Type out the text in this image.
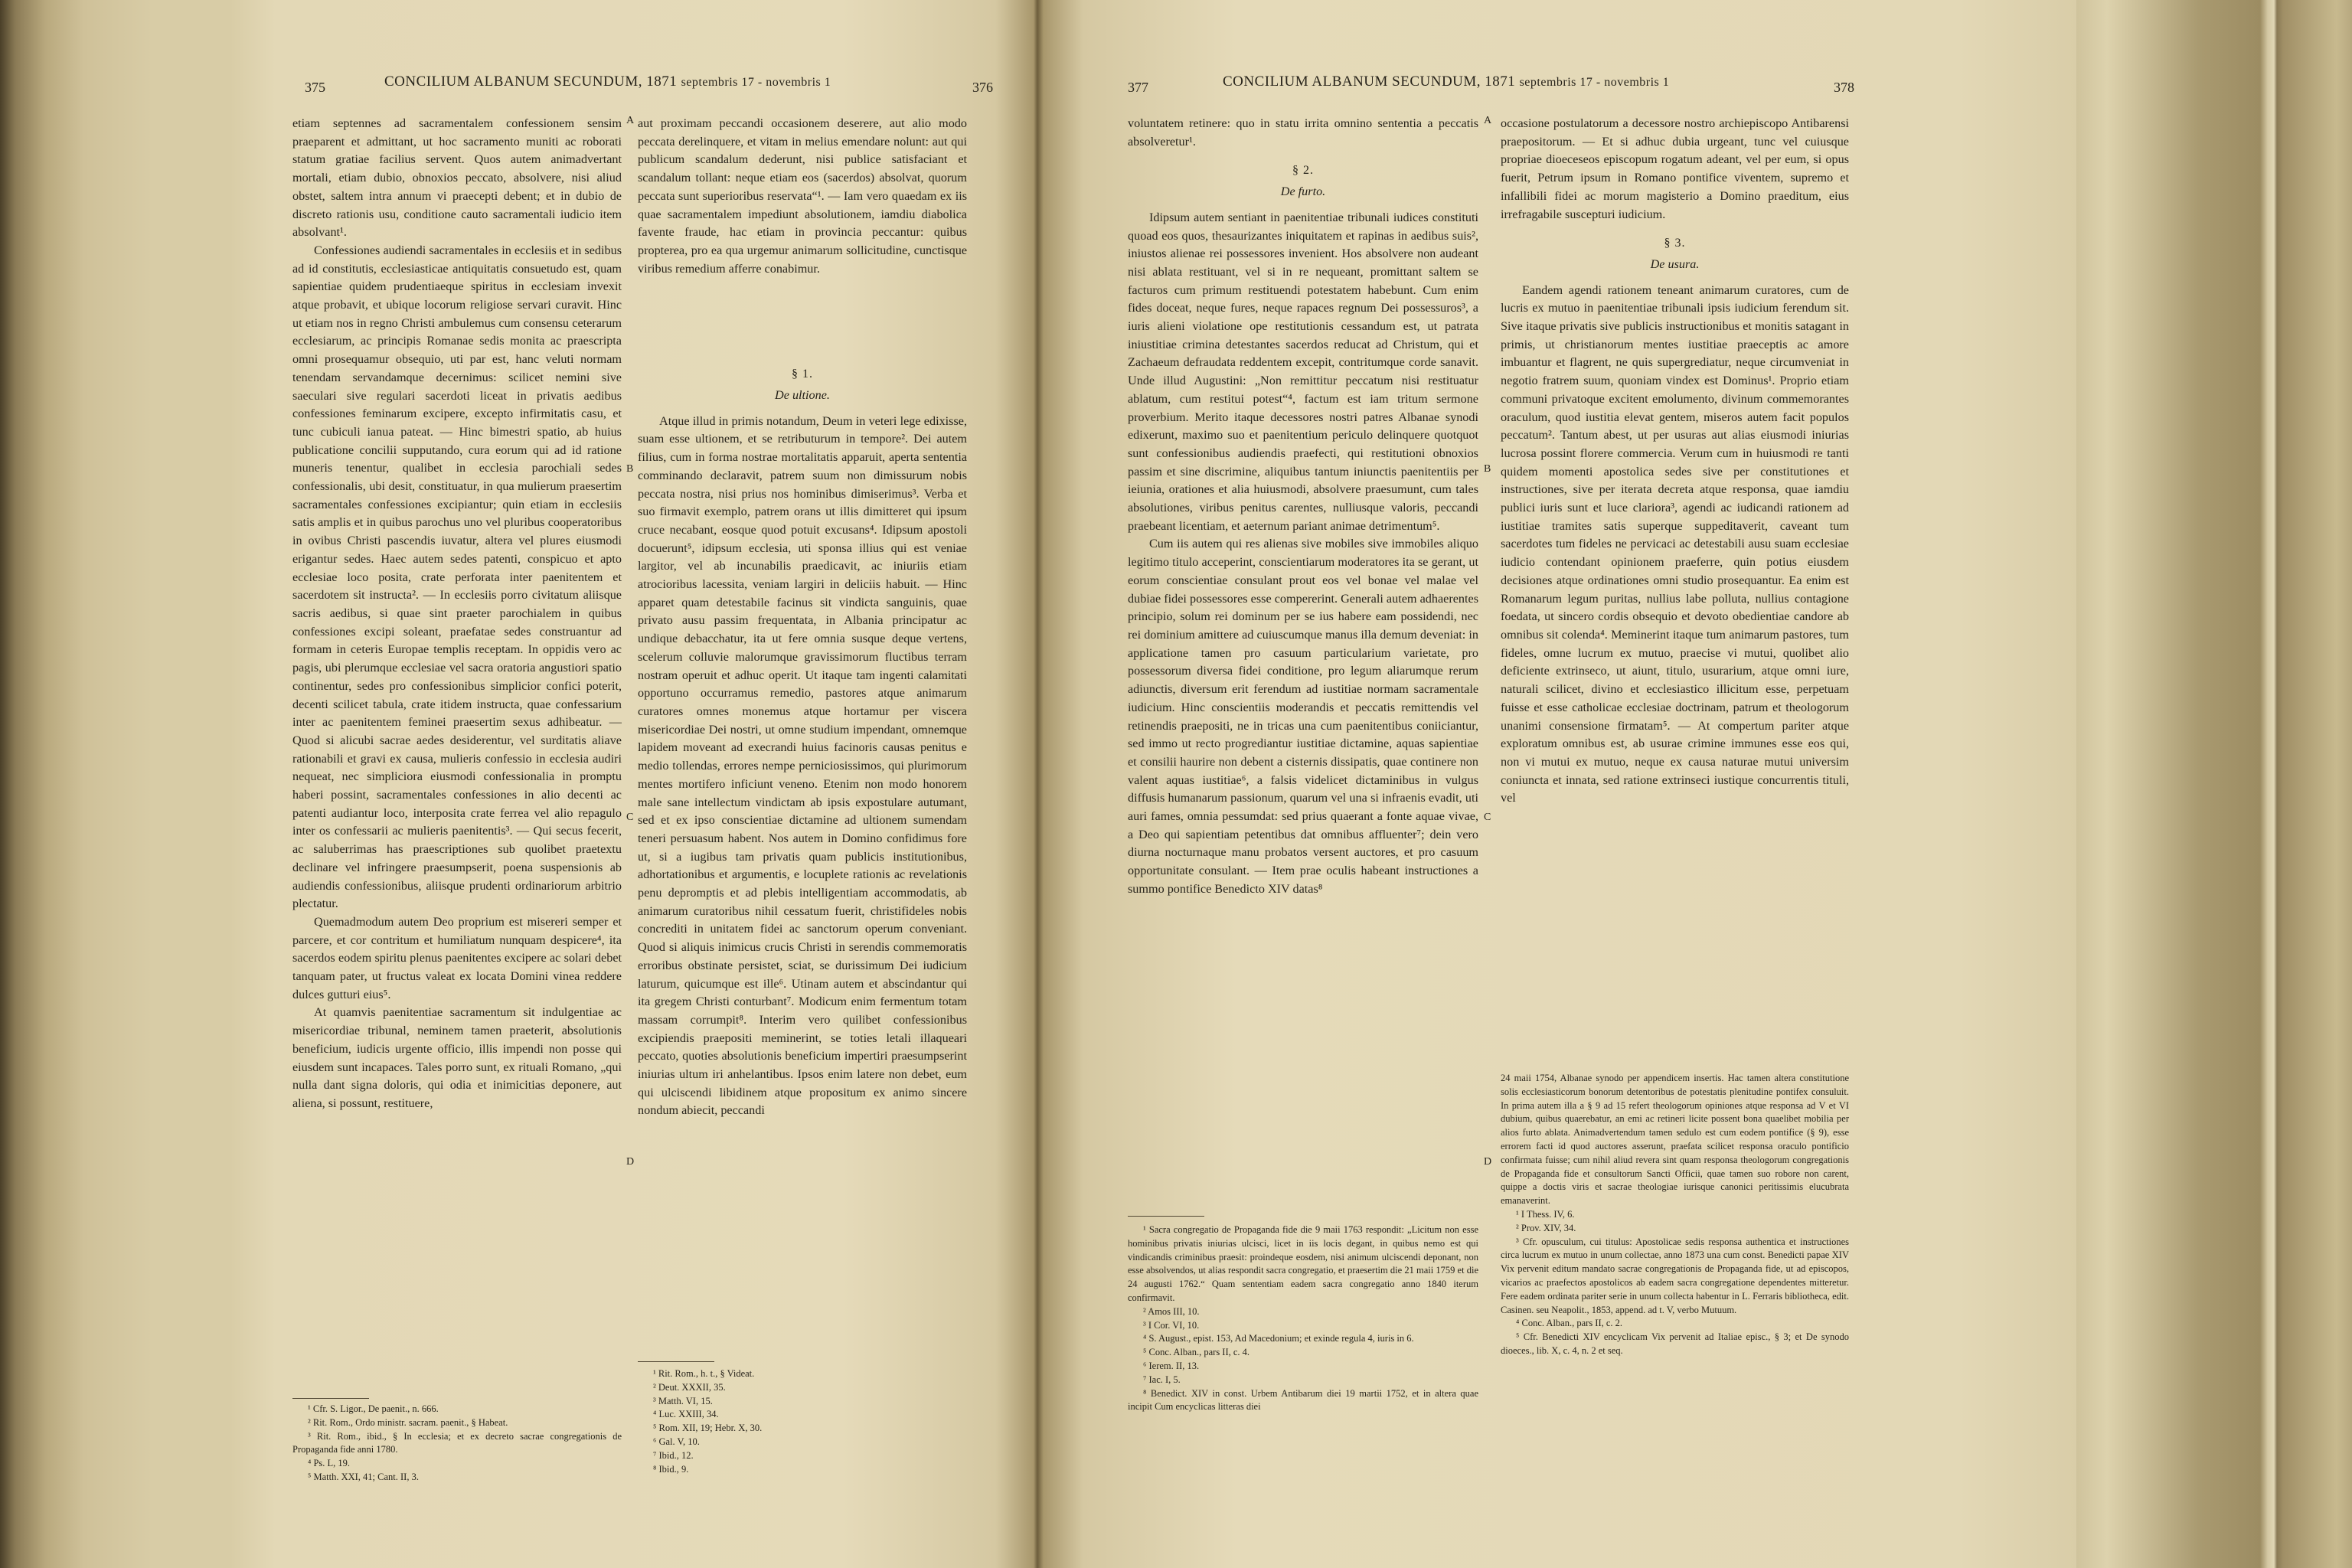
375	CONCILIUM ALBANUM SECUNDUM, 1871 septembris 17 - novembris 1	376

etiam septennes ad sacramentalem confessionem sensim praeparent et admittant, ut hoc sacramento muniti ac roborati statum gratiae facilius servent. Quos autem animadvertant mortali, etiam dubio, obnoxios peccato, absolvere, nisi aliud obstet, saltem intra annum vi praecepti debent; et in dubio de discreto rationis usu, conditione cauto sacramentali iudicio item absolvant¹.

Confessiones audiendi sacramentales in ecclesiis et in sedibus ad id constitutis, ecclesiasticae antiquitatis consuetudo est, quam sapientiae quidem prudentiaeque spiritus in ecclesiam invexit atque probavit, et ubique locorum religiose servari curavit. Hinc ut etiam nos in regno Christi ambulemus cum consensu ceterarum ecclesiarum, ac principis Romanae sedis monita ac praescripta omni prosequamur obsequio, uti par est, hanc veluti normam tenendam servandamque decernimus: scilicet nemini sive saeculari sive regulari sacerdoti liceat in privatis aedibus confessiones feminarum excipere, excepto infirmitatis casu, et tunc cubiculi ianua pateat. — Hinc bimestri spatio, ab huius publicatione concilii supputando, cura eorum qui ad id ratione muneris tenentur, qualibet in ecclesia parochiali sedes confessionalis, ubi desit, constituatur, in qua mulierum praesertim sacramentales confessiones excipiantur; quin etiam in ecclesiis satis amplis et in quibus parochus uno vel pluribus cooperatoribus in ovibus Christi pascendis iuvatur, altera vel plures eiusmodi erigantur sedes. Haec autem sedes patenti, conspicuo et apto ecclesiae loco posita, crate perforata inter paenitentem et sacerdotem sit instructa². — In ecclesiis porro civitatum aliisque sacris aedibus, si quae sint praeter parochialem in quibus confessiones excipi soleant, praefatae sedes construantur ad formam in ceteris Europae templis receptam. In oppidis vero ac pagis, ubi plerumque ecclesiae vel sacra oratoria angustiori spatio continentur, sedes pro confessionibus simplicior confici poterit, decenti scilicet tabula, crate itidem instructa, quae confessarium inter ac paenitentem feminei praesertim sexus adhibeatur. — Quod si alicubi sacrae aedes desiderentur, vel surditatis aliave rationabili et gravi ex causa, mulieris confessio in ecclesia audiri nequeat, nec simpliciora eiusmodi confessionalia in promptu haberi possint, sacramentales confessiones in alio decenti ac patenti audiantur loco, interposita crate ferrea vel alio repagulo inter os confessarii ac mulieris paenitentis³. — Qui secus fecerit, ac saluberrimas has praescriptiones sub quolibet praetextu declinare vel infringere praesumpserit, poena suspensionis ab audiendis confessionibus, aliisque prudenti ordinariorum arbitrio plectatur.

Quemadmodum autem Deo proprium est misereri semper et parcere, et cor contritum et humiliatum nunquam despicere⁴, ita sacerdos eodem spiritu plenus paenitentes excipere ac solari debet tanquam pater, ut fructus valeat ex locata Domini vinea reddere dulces gutturi eius⁵.

At quamvis paenitentiae sacramentum sit indulgentiae ac misericordiae tribunal, neminem tamen praeterit, absolutionis beneficium, iudicis urgente officio, illis impendi non posse qui eiusdem sunt incapaces. Tales porro sunt, ex rituali Romano, „qui nulla dant signa doloris, qui odia et inimicitias deponere, aut aliena, si possunt, restituere,

A
B
C
D

aut proximam peccandi occasionem deserere, aut alio modo peccata derelinquere, et vitam in melius emendare nolunt: aut qui publicum scandalum dederunt, nisi publice satisfaciant et scandalum tollant: neque etiam eos (sacerdos) absolvat, quorum peccata sunt superioribus reservata“¹. — Iam vero quaedam ex iis quae sacramentalem impediunt absolutionem, iamdiu diabolica favente fraude, hac etiam in provincia peccantur: quibus propterea, pro ea qua urgemur animarum sollicitudine, cunctisque viribus remedium afferre conabimur.

§ 1.

De ultione.

Atque illud in primis notandum, Deum in veteri lege edixisse, suam esse ultionem, et se retributurum in tempore². Dei autem filius, cum in forma nostrae mortalitatis apparuit, aperta sententia comminando declaravit, patrem suum non dimissurum nobis peccata nostra, nisi prius nos hominibus dimiserimus³. Verba et suo firmavit exemplo, patrem orans ut illis dimitteret qui ipsum cruce necabant, eosque quod potuit excusans⁴. Idipsum apostoli docuerunt⁵, idipsum ecclesia, uti sponsa illius qui est veniae largitor, vel ab incunabilis praedicavit, ac iniuriis etiam atrocioribus lacessita, veniam largiri in deliciis habuit. — Hinc apparet quam detestabile facinus sit vindicta sanguinis, quae privato ausu passim frequentata, in Albania principatur ac undique debacchatur, ita ut fere omnia susque deque vertens, scelerum colluvie malorumque gravissimorum fluctibus terram nostram operuit et adhuc operit. Ut itaque tam ingenti calamitati opportuno occurramus remedio, pastores atque animarum curatores omnes monemus atque hortamur per viscera misericordiae Dei nostri, ut omne studium impendant, omnemque lapidem moveant ad execrandi huius facinoris causas penitus e medio tollendas, errores nempe perniciosissimos, qui plurimorum mentes mortifero inficiunt veneno. Etenim non modo honorem male sane intellectum vindictam ab ipsis expostulare autumant, sed et ex ipso conscientiae dictamine ad ultionem sumendam teneri persuasum habent. Nos autem in Domino confidimus fore ut, si a iugibus tam privatis quam publicis institutionibus, adhortationibus et argumentis, e locuplete rationis ac revelationis penu depromptis et ad plebis intelligentiam accommodatis, ab animarum curatoribus nihil cessatum fuerit, christifideles nobis concrediti in unitatem fidei ac sanctorum operum conveniant. Quod si aliquis inimicus crucis Christi in serendis commemoratis erroribus obstinate persistet, sciat, se durissimum Dei iudicium laturum, quicumque est ille⁶. Utinam autem et abscindantur qui ita gregem Christi conturbant⁷. Modicum enim fermentum totam massam corrumpit⁸. Interim vero quilibet confessionibus excipiendis praepositi meminerint, se toties letali illaqueari peccato, quoties absolutionis beneficium impertiri praesumpserint iniurias ultum iri anhelantibus. Ipsos enim latere non debet, eum qui ulciscendi libidinem atque propositum ex animo sincere nondum abiecit, peccandi

¹ Cfr. S. Ligor., De paenit., n. 666.

² Rit. Rom., Ordo ministr. sacram. paenit., § Habeat.

³ Rit. Rom., ibid., § In ecclesia; et ex decreto sacrae congregationis de Propaganda fide anni 1780.

⁴ Ps. L, 19.

⁵ Matth. XXI, 41; Cant. II, 3.

¹ Rit. Rom., h. t., § Videat.

² Deut. XXXII, 35.

³ Matth. VI, 15.

⁴ Luc. XXIII, 34.

⁵ Rom. XII, 19; Hebr. X, 30.

⁶ Gal. V, 10.

⁷ Ibid., 12.

⁸ Ibid., 9.

377	CONCILIUM ALBANUM SECUNDUM, 1871 septembris 17 - novembris 1	378

voluntatem retinere: quo in statu irrita omnino sententia a peccatis absolveretur¹.

§ 2.

De furto.

Idipsum autem sentiant in paenitentiae tribunali iudices constituti quoad eos quos, thesaurizantes iniquitatem et rapinas in aedibus suis², iniustos alienae rei possessores invenient. Hos absolvere non audeant nisi ablata restituant, vel si in re nequeant, promittant saltem se facturos cum primum restituendi potestatem habebunt. Cum enim fides doceat, neque fures, neque rapaces regnum Dei possessuros³, a iuris alieni violatione ope restitutionis cessandum est, ut patrata iniustitiae crimina detestantes sacerdos reducat ad Christum, qui et Zachaeum defraudata reddentem excepit, contritumque corde sanavit. Unde illud Augustini: „Non remittitur peccatum nisi restituatur ablatum, cum restitui potest“⁴, factum est iam tritum sermone proverbium. Merito itaque decessores nostri patres Albanae synodi edixerunt, maximo suo et paenitentium periculo delinquere quotquot sunt confessionibus audiendis praefecti, qui restitutioni obnoxios passim et sine discrimine, aliquibus tantum iniunctis paenitentiis per ieiunia, orationes et alia huiusmodi, absolvere praesumunt, cum tales absolutiones, viribus penitus carentes, nulliusque valoris, peccandi praebeant licentiam, et aeternum pariant animae detrimentum⁵.

Cum iis autem qui res alienas sive mobiles sive immobiles aliquo legitimo titulo acceperint, conscientiarum moderatores ita se gerant, ut eorum conscientiae consulant prout eos vel bonae vel malae vel dubiae fidei possessores esse compererint. Generali autem adhaerentes principio, solum rei dominum per se ius habere eam possidendi, nec rei dominium amittere ad cuiuscumque manus illa demum deveniat: in applicatione tamen pro casuum particularium varietate, pro possessorum diversa fidei conditione, pro legum aliarumque rerum adiunctis, diversum erit ferendum ad iustitiae normam sacramentale iudicium. Hinc conscientiis moderandis et peccatis remittendis vel retinendis praepositi, ne in tricas una cum paenitentibus coniiciantur, sed immo ut recto progrediantur iustitiae dictamine, aquas sapientiae et consilii haurire non debent a cisternis dissipatis, quae continere non valent aquas iustitiae⁶, a falsis videlicet dictaminibus in vulgus diffusis humanarum passionum, quarum vel una si infraenis evadit, uti auri fames, omnia pessumdat: sed prius quaerant a fonte aquae vivae, a Deo qui sapientiam petentibus dat omnibus affluenter⁷; dein vero diurna nocturnaque manu probatos versent auctores, et pro casuum opportunitate consulant. — Item prae oculis habeant instructiones a summo pontifice Benedicto XIV datas⁸

A
B
C
D

occasione postulatorum a decessore nostro archiepiscopo Antibarensi praepositorum. — Et si adhuc dubia urgeant, tunc vel cuiusque propriae dioeceseos episcopum rogatum adeant, vel per eum, si opus fuerit, Petrum ipsum in Romano pontifice viventem, supremo et infallibili fidei ac morum magisterio a Domino praeditum, eius irrefragabile suscepturi iudicium.

§ 3.

De usura.

Eandem agendi rationem teneant animarum curatores, cum de lucris ex mutuo in paenitentiae tribunali ipsis iudicium ferendum sit. Sive itaque privatis sive publicis instructionibus et monitis satagant in primis, ut christianorum mentes iustitiae praeceptis ac amore imbuantur et flagrent, ne quis supergrediatur, neque circumveniat in negotio fratrem suum, quoniam vindex est Dominus¹. Proprio etiam communi privatoque excitent emolumento, divinum commemorantes oraculum, quod iustitia elevat gentem, miseros autem facit populos peccatum². Tantum abest, ut per usuras aut alias eiusmodi iniurias lucrosa possint florere commercia. Verum cum in huiusmodi re tanti quidem momenti apostolica sedes sive per constitutiones et instructiones, sive per iterata decreta atque responsa, quae iamdiu publici iuris sunt et luce clariora³, agendi ac iudicandi rationem ad iustitiae tramites satis superque suppeditaverit, caveant tum sacerdotes tum fideles ne pervicaci ac detestabili ausu suam ecclesiae iudicio contendant opinionem praeferre, quin potius eiusdem decisiones atque ordinationes omni studio prosequantur. Ea enim est Romanarum legum puritas, nullius labe polluta, nullius contagione foedata, ut sincero cordis obsequio et devoto obedientiae candore ab omnibus sit colenda⁴. Meminerint itaque tum animarum pastores, tum fideles, omne lucrum ex mutuo, praecise vi mutui, quolibet alio deficiente extrinseco, ut aiunt, titulo, usurarium, atque omni iure, naturali scilicet, divino et ecclesiastico illicitum esse, perpetuam fuisse et esse catholicae ecclesiae doctrinam, patrum et theologorum unanimi consensione firmatam⁵. — At compertum pariter atque exploratum omnibus est, ab usurae crimine immunes esse eos qui, non vi mutui ex mutuo, neque ex causa naturae mutui universim coniuncta et innata, sed ratione extrinseci iustique concurrentis tituli, vel

¹ Sacra congregatio de Propaganda fide die 9 maii 1763 respondit: „Licitum non esse hominibus privatis iniurias ulcisci, licet in iis locis degant, in quibus nemo est qui vindicandis criminibus praesit: proindeque eosdem, nisi animum ulciscendi deponant, non esse absolvendos, ut alias respondit sacra congregatio, et praesertim die 21 maii 1759 et die 24 augusti 1762.“ Quam sententiam eadem sacra congregatio anno 1840 iterum confirmavit.

² Amos III, 10.

³ I Cor. VI, 10.

⁴ S. August., epist. 153, Ad Macedonium; et exinde regula 4, iuris in 6.

⁵ Conc. Alban., pars II, c. 4.

⁶ Ierem. II, 13.

⁷ Iac. I, 5.

⁸ Benedict. XIV in const. Urbem Antibarum diei 19 martii 1752, et in altera quae incipit Cum encyclicas litteras diei

24 maii 1754, Albanae synodo per appendicem insertis. Hac tamen altera constitutione solis ecclesiasticorum bonorum detentoribus de potestatis plenitudine pontifex consuluit. In prima autem illa a § 9 ad 15 refert theologorum opiniones atque responsa ad V et VI dubium, quibus quaerebatur, an emi ac retineri licite possent bona quaelibet mobilia per alios furto ablata. Animadvertendum tamen sedulo est cum eodem pontifice (§ 9), esse errorem facti id quod auctores asserunt, praefata scilicet responsa oraculo pontificio confirmata fuisse; cum nihil aliud revera sint quam responsa theologorum congregationis de Propaganda fide et consultorum Sancti Officii, quae tamen suo robore non carent, quippe a doctis viris et sacrae theologiae iurisque canonici peritissimis elucubrata emanaverint.

¹ I Thess. IV, 6.

² Prov. XIV, 34.

³ Cfr. opusculum, cui titulus: Apostolicae sedis responsa authentica et instructiones circa lucrum ex mutuo in unum collectae, anno 1873 una cum const. Benedicti papae XIV Vix pervenit editum mandato sacrae congregationis de Propaganda fide, ut ad episcopos, vicarios ac praefectos apostolicos ab eadem sacra congregatione dependentes mitteretur. Fere eadem ordinata pariter serie in unum collecta habentur in L. Ferraris bibliotheca, edit. Casinen. seu Neapolit., 1853, append. ad t. V, verbo Mutuum.

⁴ Conc. Alban., pars II, c. 2.

⁵ Cfr. Benedicti XIV encyclicam Vix pervenit ad Italiae episc., § 3; et De synodo dioeces., lib. X, c. 4, n. 2 et seq.
